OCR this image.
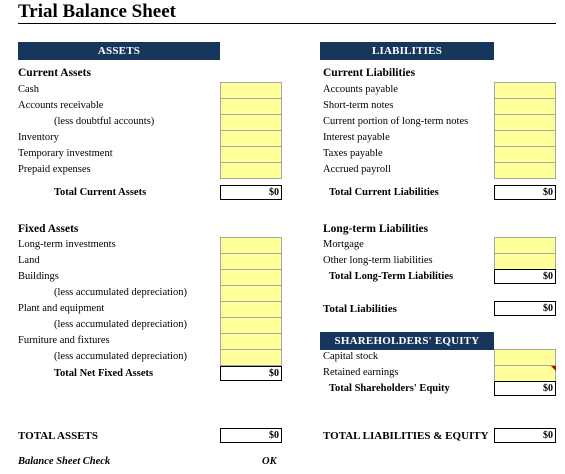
Trial Balance Sheet
ASSETS
Current Assets
Cash
Accounts receivable
(less doubtful accounts)
Inventory
Temporary investment
Prepaid expenses
Total Current Assets	$0
Fixed Assets
Long-term investments
Land
Buildings
(less accumulated depreciation)
Plant and equipment
(less accumulated depreciation)
Furniture and fixtures
(less accumulated depreciation)
Total Net Fixed Assets	$0
TOTAL ASSETS	$0
Balance Sheet Check	OK
LIABILITIES
Current Liabilities
Accounts payable
Short-term notes
Current portion of long-term notes
Interest payable
Taxes payable
Accrued payroll
Total Current Liabilities	$0
Long-term Liabilities
Mortgage
Other long-term liabilities
Total Long-Term Liabilities	$0
Total Liabilities	$0
SHAREHOLDERS' EQUITY
Capital stock
Retained earnings
Total Shareholders' Equity	$0
TOTAL LIABILITIES & EQUITY	$0
